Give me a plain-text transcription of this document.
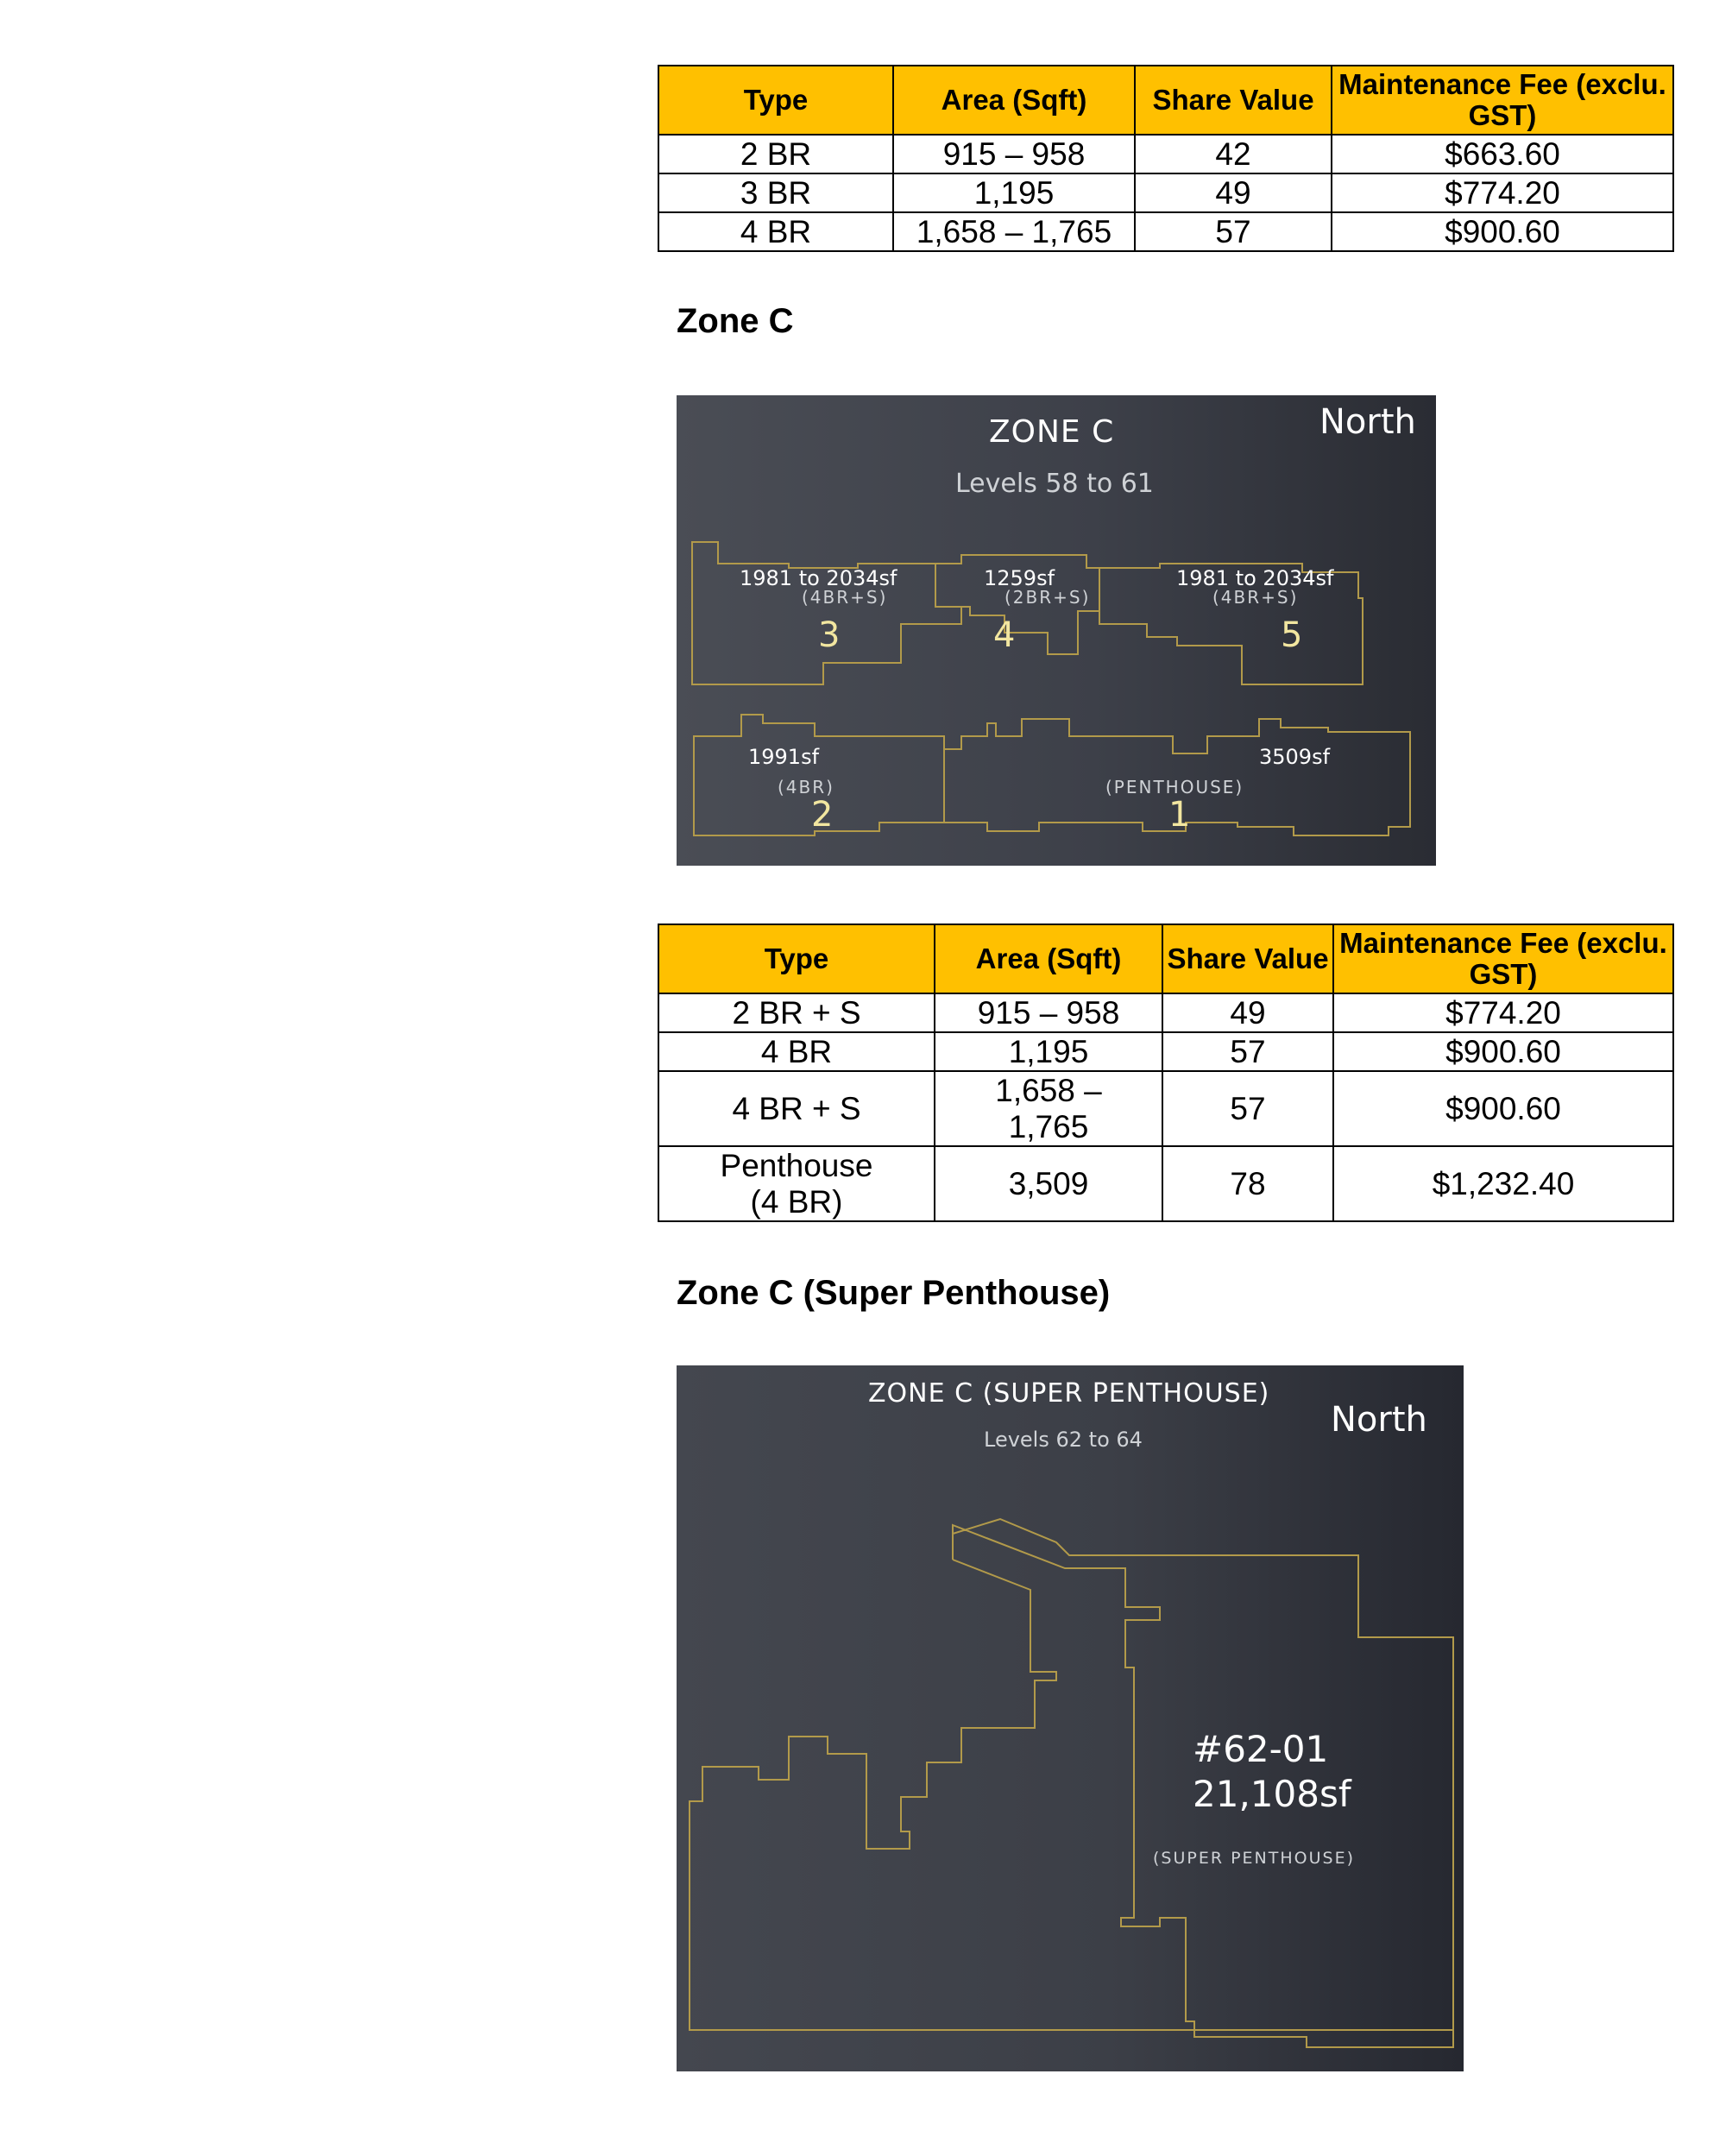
Type	Area (Sqft)	Share Value	Maintenance Fee (exclu. GST)
2 BR	915 – 958	42	$663.60
3 BR	1,195	49	$774.20
4 BR	1,658 – 1,765	57	$900.60
Zone C
ZONE C
Levels 58 to 61
North
1981 to 2034sf
(4BR+S)
3
1259sf
(2BR+S)
4
1981 to 2034sf
(4BR+S)
5
1991sf
(4BR)
2
3509sf
(PENTHOUSE)
1
Type	Area (Sqft)	Share Value	Maintenance Fee (exclu. GST)
2 BR + S	915 – 958	49	$774.20
4 BR	1,195	57	$900.60
4 BR + S	1,658 – 1,765	57	$900.60
Penthouse (4 BR)	3,509	78	$1,232.40
Zone C (Super Penthouse)
ZONE C (SUPER PENTHOUSE)
Levels 62 to 64	North
#62-01
21,108sf
(SUPER PENTHOUSE)
